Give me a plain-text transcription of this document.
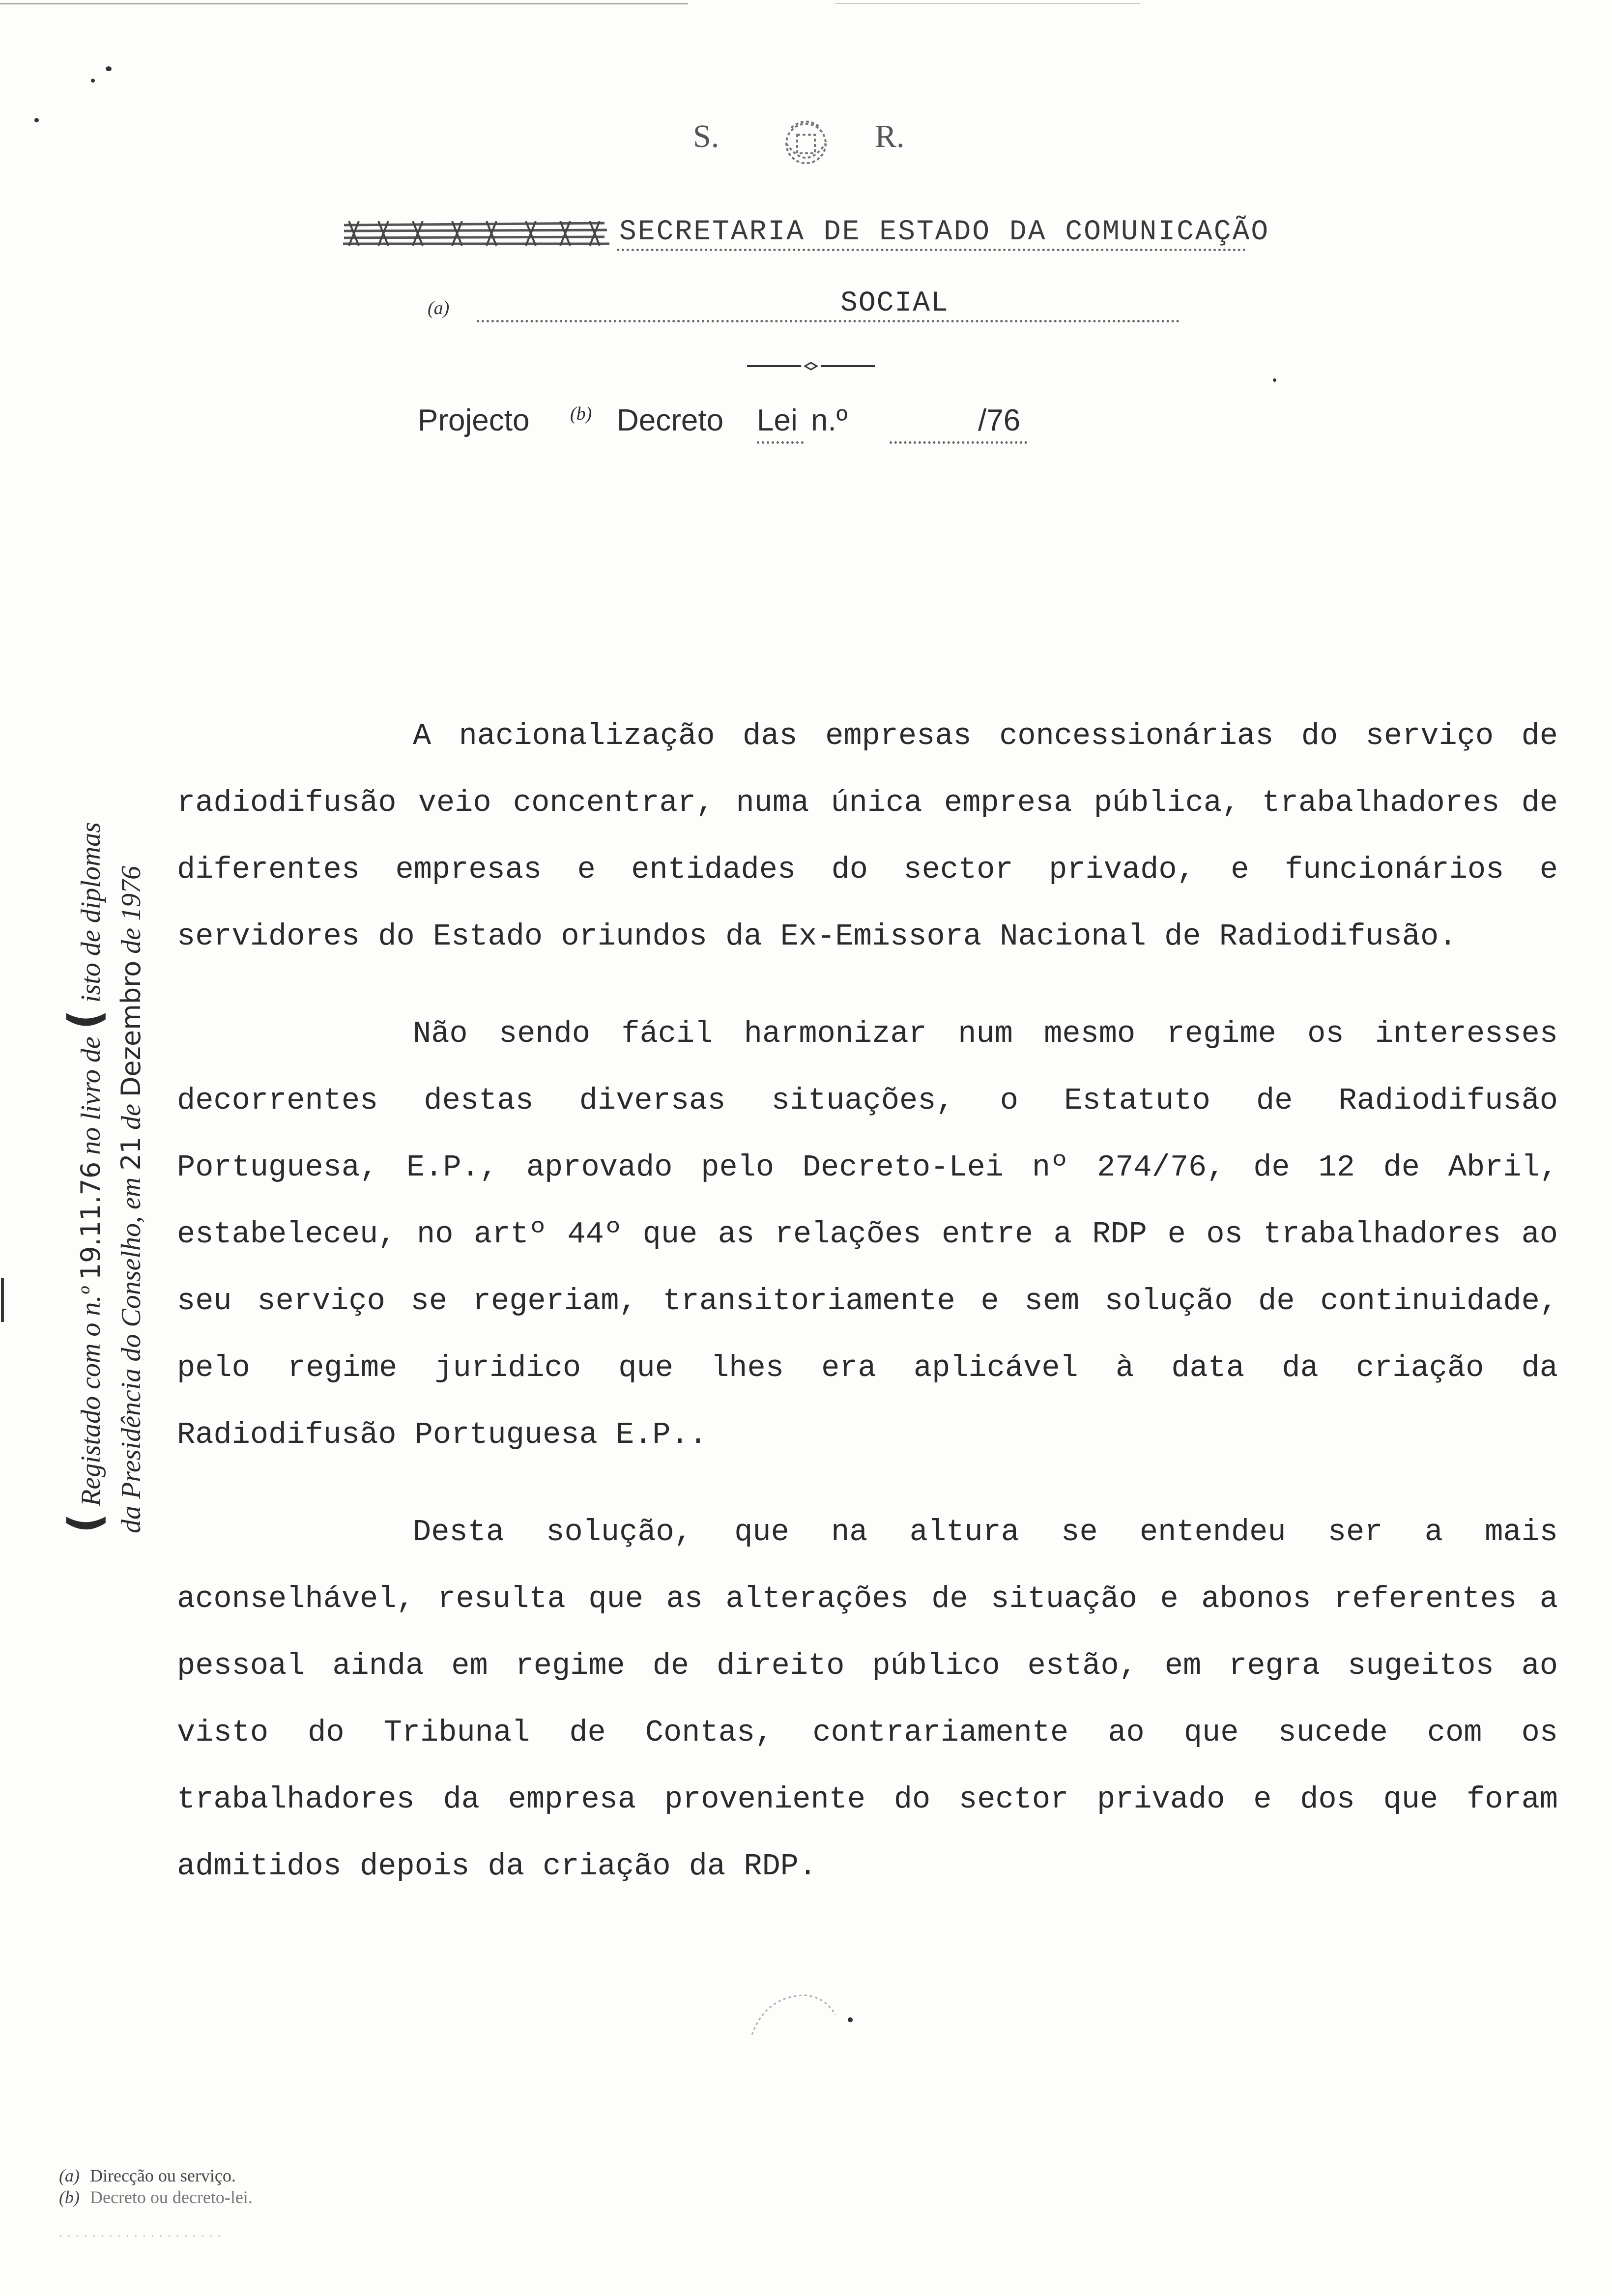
S.	R.
SECRETARIA DE ESTADO DA COMUNICAÇÃO
(a)	SOCIAL
Projecto (b) Decreto Lei n.º	/76
( Registado com o n.º 19.11.76 no livro de ( isto de diplomas
da Presidência do Conselho, em 21 de Dezembro de 1976

A nacionalização das empresas concessionárias do serviço de radiodifusão veio concentrar, numa única empresa pública, trabalhadores de diferentes empresas e entidades do sector privado, e funcionários e servidores do Estado oriundos da Ex-Emissora Nacional de Radiodifusão.

Não sendo fácil harmonizar num mesmo regime os interesses decorrentes destas diversas situações, o Estatuto de Radiodifusão Portuguesa, E.P., aprovado pelo Decreto-Lei nº 274/76, de 12 de Abril, estabeleceu, no artº 44º que as relações entre a RDP e os trabalhadores ao seu serviço se regeriam, transitoriamente e sem solução de continuidade, pelo regime juridico que lhes era aplicável à data da criação da Radiodifusão Portuguesa E.P..

Desta solução, que na altura se entendeu ser a mais aconselhável, resulta que as alterações de situação e abonos referentes a pessoal ainda em regime de direito público estão, em regra sugeitos ao visto do Tribunal de Contas, contrariamente ao que sucede com os trabalhadores da empresa proveniente do sector privado e dos que foram admitidos depois da criação da RDP.

(a) Direcção ou serviço.
(b) Decreto ou decreto-lei.
. . . . . . . . . . . . . . . . . . . .
